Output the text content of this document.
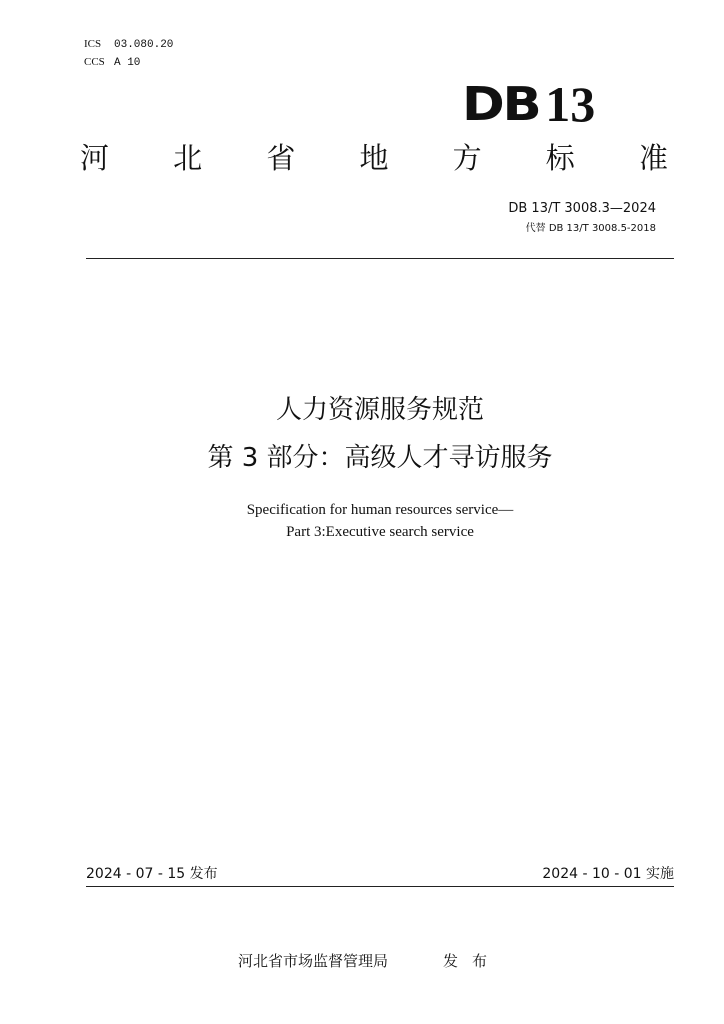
ICS 03.080.20
CCS A 10
DB 13
河 北 省 地 方 标 准
DB 13/T 3008.3—2024
代替 DB 13/T 3008.5-2018
人力资源服务规范
第 3 部分：高级人才寻访服务
Specification for human resources service—
Part 3:Executive search service
2024 - 07 - 15 发布	2024 - 10 - 01 实施
河北省市场监督管理局	发布
